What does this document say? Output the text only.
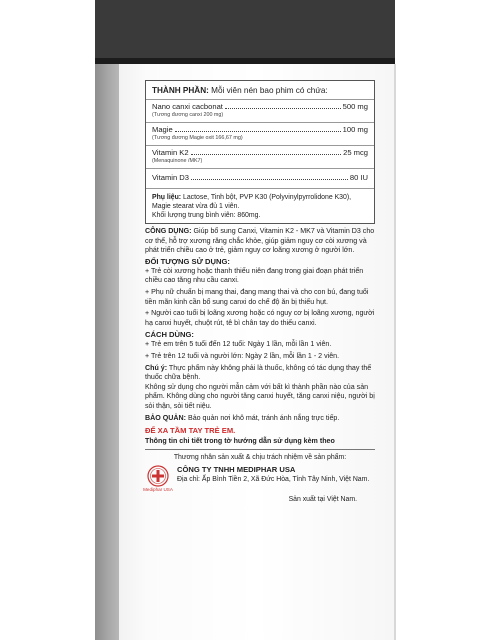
THÀNH PHẦN: Mỗi viên nén bao phim có chứa:
Nano canxi cacbonat	500 mg
(Tương đương canxi 200 mg)
Magie	100 mg
(Tương đương Magie oxit 166,67 mg)
Vitamin K2	25 mcg
(Menaquinone /MK7)
Vitamin D3	80 IU
Phụ liệu: Lactose, Tinh bột, PVP K30 (Polyvinylpyrrolidone K30), Magie stearat vừa đủ 1 viên.
Khối lượng trung bình viên: 860mg.

CÔNG DỤNG: Giúp bổ sung Canxi, Vitamin K2 - MK7 và Vitamin D3 cho cơ thể, hỗ trợ xương răng chắc khỏe, giúp giảm nguy cơ còi xương và phát triển chiều cao ở trẻ, giảm nguy cơ loãng xương ở người lớn.

ĐỐI TƯỢNG SỬ DỤNG:

+ Trẻ còi xương hoặc thanh thiếu niên đang trong giai đoạn phát triển chiều cao tăng nhu cầu canxi.

+ Phụ nữ chuẩn bị mang thai, đang mang thai và cho con bú, đang tuổi tiền mãn kinh cần bổ sung canxi do chế độ ăn bị thiếu hụt.

+ Người cao tuổi bị loãng xương hoặc có nguy cơ bị loãng xương, người hạ canxi huyết, chuột rút, tê bì chân tay do thiếu canxi.

CÁCH DÙNG:

+ Trẻ em trên 5 tuổi đến 12 tuổi: Ngày 1 lần, mỗi lần 1 viên.

+ Trẻ trên 12 tuổi và người lớn: Ngày 2 lần, mỗi lần 1 - 2 viên.

Chú ý: Thực phẩm này không phải là thuốc, không có tác dụng thay thế thuốc chữa bệnh.

Không sử dụng cho người mẫn cảm với bất kì thành phần nào của sản phẩm. Không dùng cho người tăng canxi huyết, tăng canxi niệu, người bị sỏi thận, sỏi tiết niệu.

BẢO QUẢN: Bảo quản nơi khô mát, tránh ánh nắng trực tiếp.

ĐỂ XA TẦM TAY TRẺ EM.
Thông tin chi tiết trong tờ hướng dẫn sử dụng kèm theo
Thương nhân sản xuất & chịu trách nhiệm về sản phẩm:
Mediphar USA
CÔNG TY TNHH MEDIPHAR USA
Địa chỉ: Ấp Bình Tiền 2, Xã Đức Hòa, Tỉnh Tây Ninh, Việt Nam.
Sản xuất tại Việt Nam.
